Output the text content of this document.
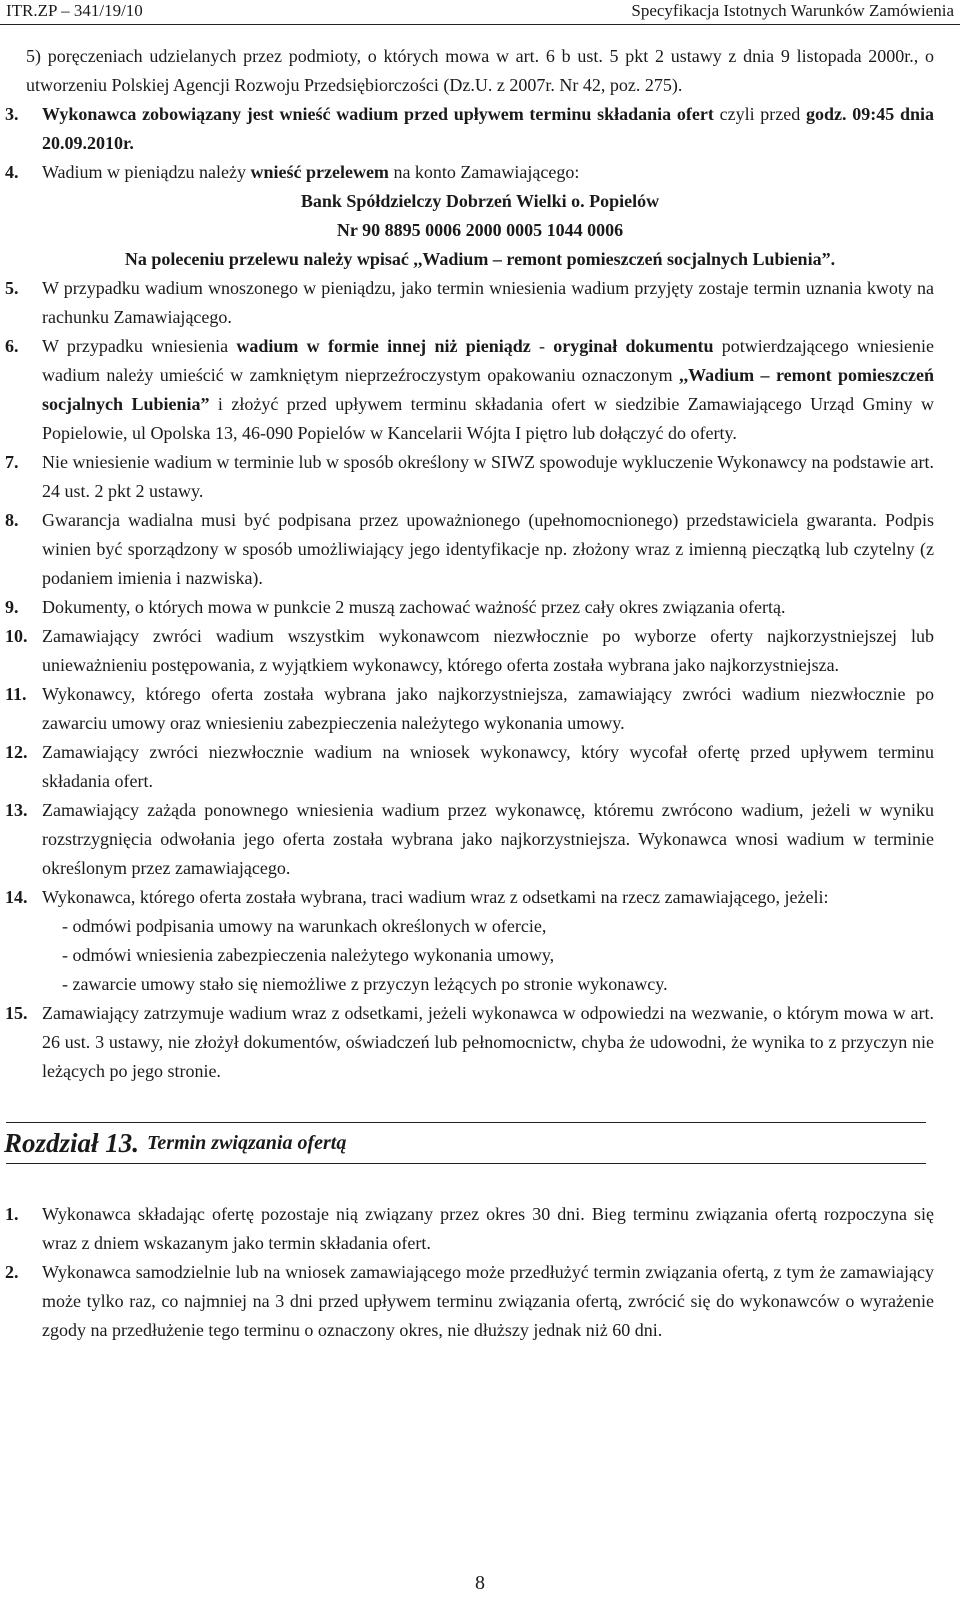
ITR.ZP – 341/19/10	Specyfikacja Istotnych Warunków Zamówienia
5) poręczeniach udzielanych przez podmioty, o których mowa w art. 6 b ust. 5 pkt 2 ustawy z dnia 9 listopada 2000r., o utworzeniu Polskiej Agencji Rozwoju Przedsiębiorczości (Dz.U. z 2007r. Nr 42, poz. 275).
3. Wykonawca zobowiązany jest wnieść wadium przed upływem terminu składania ofert czyli przed godz. 09:45 dnia 20.09.2010r.
4. Wadium w pieniądzu należy wnieść przelewem na konto Zamawiającego:
Bank Spółdzielczy Dobrzeń Wielki o. Popielów
Nr 90 8895 0006 2000 0005 1044 0006
Na poleceniu przelewu należy wpisać ,,Wadium – remont pomieszczeń socjalnych Lubienia”.
5. W przypadku wadium wnoszonego w pieniądzu, jako termin wniesienia wadium przyjęty zostaje termin uznania kwoty na rachunku Zamawiającego.
6. W przypadku wniesienia wadium w formie innej niż pieniądz - oryginał dokumentu potwierdzającego wniesienie wadium należy umieścić w zamkniętym nieprzeźroczystym opakowaniu oznaczonym ,,Wadium – remont pomieszczeń socjalnych Lubienia” i złożyć przed upływem terminu składania ofert w siedzibie Zamawiającego Urząd Gminy w Popielowie, ul Opolska 13, 46-090 Popielów w Kancelarii Wójta I piętro lub dołączyć do oferty.
7. Nie wniesienie wadium w terminie lub w sposób określony w SIWZ spowoduje wykluczenie Wykonawcy na podstawie art. 24 ust. 2 pkt 2 ustawy.
8. Gwarancja wadialna musi być podpisana przez upoważnionego (upełnomocnionego) przedstawiciela gwaranta. Podpis winien być sporządzony w sposób umożliwiający jego identyfikacje np. złożony wraz z imienną pieczątką lub czytelny (z podaniem imienia i nazwiska).
9. Dokumenty, o których mowa w punkcie 2 muszą zachować ważność przez cały okres związania ofertą.
10. Zamawiający zwróci wadium wszystkim wykonawcom niezwłocznie po wyborze oferty najkorzystniejszej lub unieważnieniu postępowania, z wyjątkiem wykonawcy, którego oferta została wybrana jako najkorzystniejsza.
11. Wykonawcy, którego oferta została wybrana jako najkorzystniejsza, zamawiający zwróci wadium niezwłocznie po zawarciu umowy oraz wniesieniu zabezpieczenia należytego wykonania umowy.
12. Zamawiający zwróci niezwłocznie wadium na wniosek wykonawcy, który wycofał ofertę przed upływem terminu składania ofert.
13. Zamawiający zażąda ponownego wniesienia wadium przez wykonawcę, któremu zwrócono wadium, jeżeli w wyniku rozstrzygnięcia odwołania jego oferta została wybrana jako najkorzystniejsza. Wykonawca wnosi wadium w terminie określonym przez zamawiającego.
14. Wykonawca, którego oferta została wybrana, traci wadium wraz z odsetkami na rzecz zamawiającego, jeżeli:
- odmówi podpisania umowy na warunkach określonych w ofercie,
- odmówi wniesienia zabezpieczenia należytego wykonania umowy,
- zawarcie umowy stało się niemożliwe z przyczyn leżących po stronie wykonawcy.
15. Zamawiający zatrzymuje wadium wraz z odsetkami, jeżeli wykonawca w odpowiedzi na wezwanie, o którym mowa w art. 26 ust. 3 ustawy, nie złożył dokumentów, oświadczeń lub pełnomocnictw, chyba że udowodni, że wynika to z przyczyn nie leżących po jego stronie.
Rozdział 13. Termin związania ofertą
1. Wykonawca składając ofertę pozostaje nią związany przez okres 30 dni. Bieg terminu związania ofertą rozpoczyna się wraz z dniem wskazanym jako termin składania ofert.
2. Wykonawca samodzielnie lub na wniosek zamawiającego może przedłużyć termin związania ofertą, z tym że zamawiający może tylko raz, co najmniej na 3 dni przed upływem terminu związania ofertą, zwrócić się do wykonawców o wyrażenie zgody na przedłużenie tego terminu o oznaczony okres, nie dłuższy jednak niż 60 dni.
8
